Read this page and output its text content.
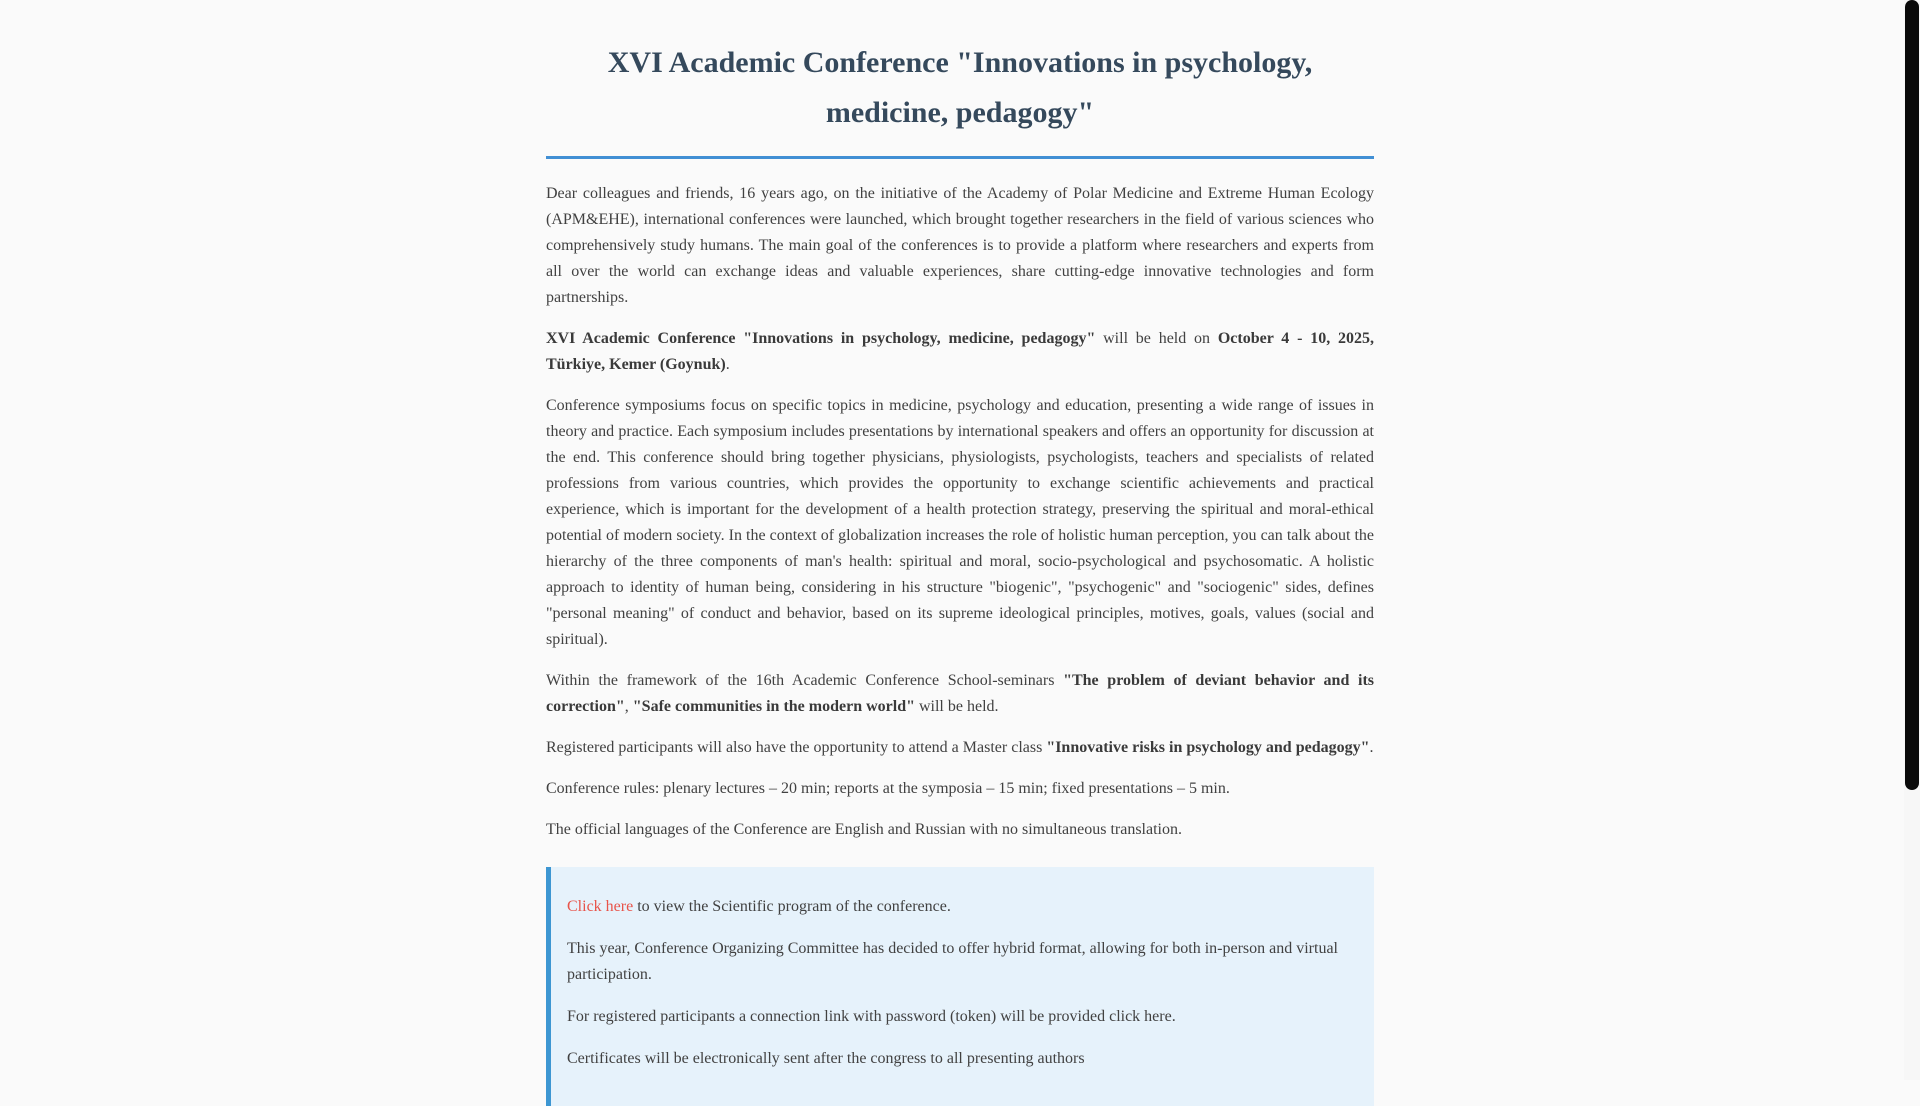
XVI Academic Conference "Innovations in psychology, medicine, pedagogy"

Dear colleagues and friends, 16 years ago, on the initiative of the Academy of Polar Medicine and Extreme Human Ecology (APM&EHE), international conferences were launched, which brought together researchers in the field of various sciences who comprehensively study humans. The main goal of the conferences is to provide a platform where researchers and experts from all over the world can exchange ideas and valuable experiences, share cutting-edge innovative technologies and form partnerships.

XVI Academic Conference "Innovations in psychology, medicine, pedagogy" will be held on October 4 - 10, 2025, Türkiye, Kemer (Goynuk).

Conference symposiums focus on specific topics in medicine, psychology and education, presenting a wide range of issues in theory and practice. Each symposium includes presentations by international speakers and offers an opportunity for discussion at the end. This conference should bring together physicians, physiologists, psychologists, teachers and specialists of related professions from various countries, which provides the opportunity to exchange scientific achievements and practical experience, which is important for the development of a health protection strategy, preserving the spiritual and moral-ethical potential of modern society. In the context of globalization increases the role of holistic human perception, you can talk about the hierarchy of the three components of man's health: spiritual and moral, socio-psychological and psychosomatic. A holistic approach to identity of human being, considering in his structure "biogenic", "psychogenic" and "sociogenic" sides, defines "personal meaning" of conduct and behavior, based on its supreme ideological principles, motives, goals, values (social and spiritual).

Within the framework of the 16th Academic Conference School-seminars "The problem of deviant behavior and its correction", "Safe communities in the modern world" will be held.

Registered participants will also have the opportunity to attend a Master class "Innovative risks in psychology and pedagogy".

Conference rules: plenary lectures – 20 min; reports at the symposia – 15 min; fixed presentations – 5 min.

The official languages of the Conference are English and Russian with no simultaneous translation.

Click here to view the Scientific program of the conference.

This year, Conference Organizing Committee has decided to offer hybrid format, allowing for both in-person and virtual participation.

For registered participants a connection link with password (token) will be provided click here.

Certificates will be electronically sent after the congress to all presenting authors
